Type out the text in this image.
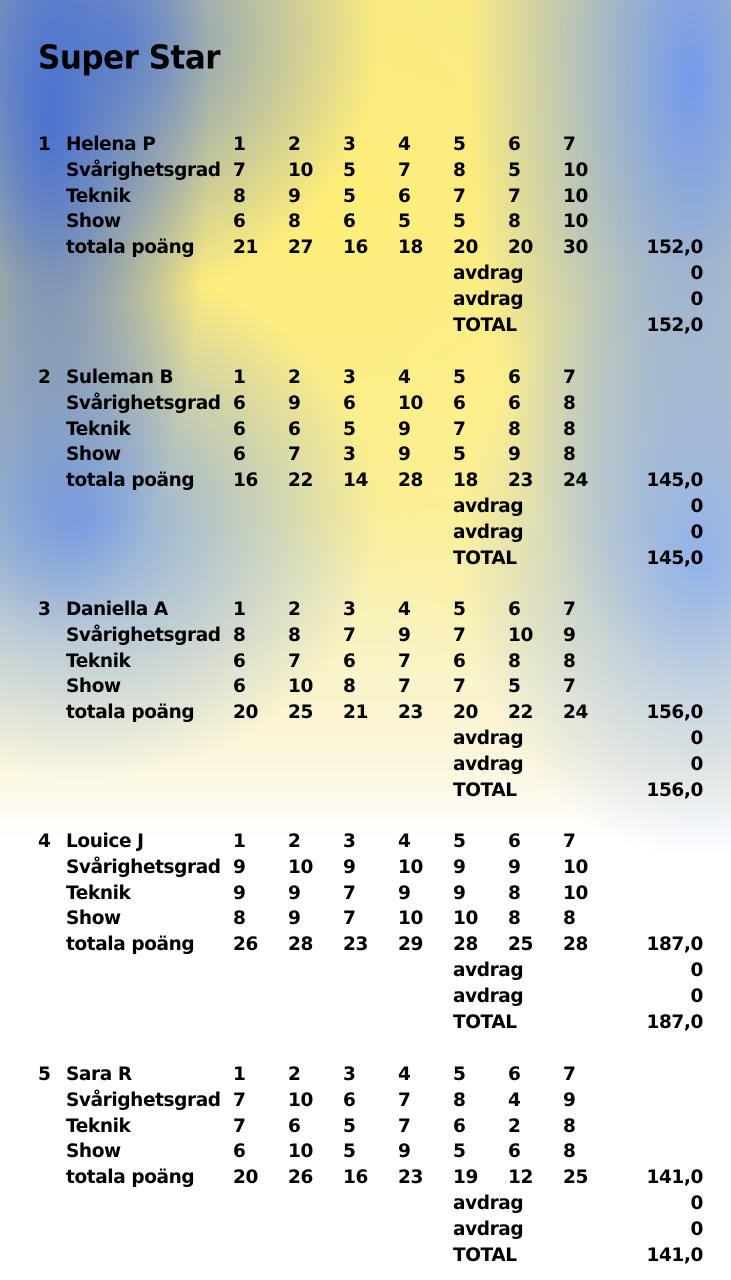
Super Star
1 Helena P	1 2 3 4 5 6 7
Svårighetsgrad 7 10 5 7 8 5 10
Teknik	8 9 5 6 7 7 10
Show	6 8 6 5 5 8 10
totala poäng 21 27 16 18 20 20 30	152,0
avdrag	0
avdrag	0
TOTAL	152,0
2 Suleman B	1 2 3 4 5 6 7
Svårighetsgrad 6 9 6 10 6 6 8
Teknik	6 6 5 9 7 8 8
Show	6 7 3 9 5 9 8
totala poäng 16 22 14 28 18 23 24	145,0
avdrag	0
avdrag	0
TOTAL	145,0
3 Daniella A	1 2 3 4 5 6 7
Svårighetsgrad 8 8 7 9 7 10 9
Teknik	6 7 6 7 6 8 8
Show	6 10 8 7 7 5 7
totala poäng 20 25 21 23 20 22 24	156,0
avdrag	0
avdrag	0
TOTAL	156,0
4 Louice J	1 2 3 4 5 6 7
Svårighetsgrad 9 10 9 10 9 9 10
Teknik	9 9 7 9 9 8 10
Show	8 9 7 10 10 8 8
totala poäng 26 28 23 29 28 25 28	187,0
avdrag	0
avdrag	0
TOTAL	187,0
5 Sara R	1 2 3 4 5 6 7
Svårighetsgrad 7 10 6 7 8 4 9
Teknik	7 6 5 7 6 2 8
Show	6 10 5 9 5 6 8
totala poäng 20 26 16 23 19 12 25	141,0
avdrag	0
avdrag	0
TOTAL	141,0
